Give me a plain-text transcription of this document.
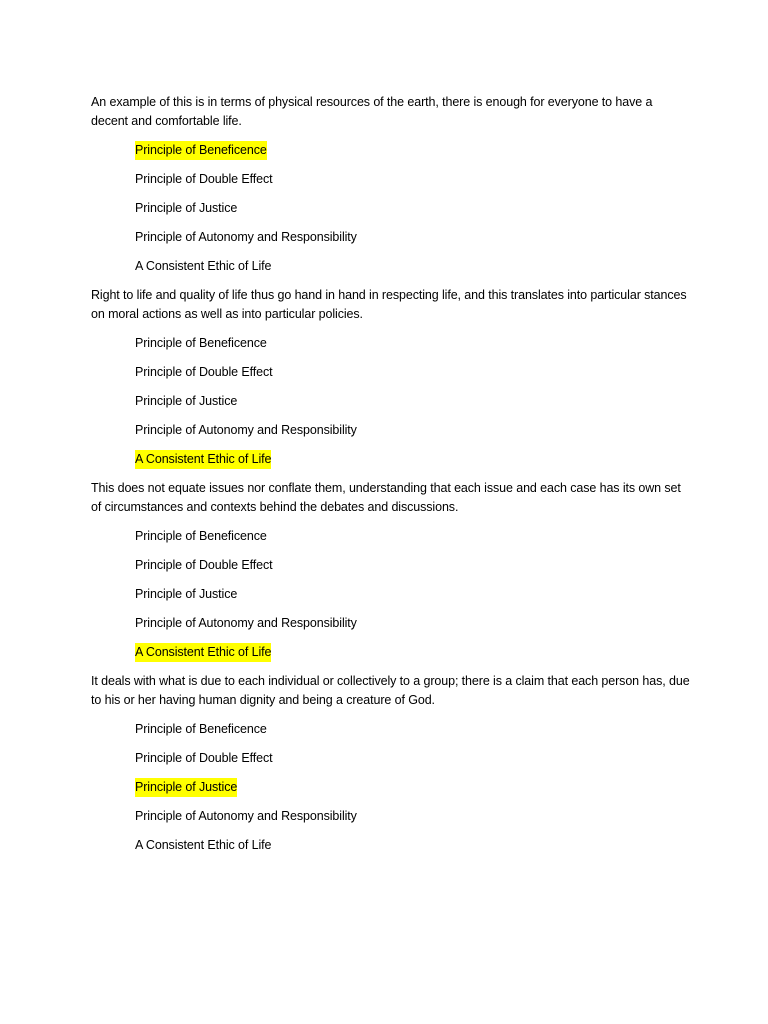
An example of this is in terms of physical resources of the earth, there is enough for everyone to have a decent and comfortable life.

Principle of Beneficence
Principle of Double Effect
Principle of Justice
Principle of Autonomy and Responsibility
A Consistent Ethic of Life

Right to life and quality of life thus go hand in hand in respecting life, and this translates into particular stances on moral actions as well as into particular policies.

Principle of Beneficence
Principle of Double Effect
Principle of Justice
Principle of Autonomy and Responsibility
A Consistent Ethic of Life

This does not equate issues nor conflate them, understanding that each issue and each case has its own set of circumstances and contexts behind the debates and discussions.

Principle of Beneficence
Principle of Double Effect
Principle of Justice
Principle of Autonomy and Responsibility
A Consistent Ethic of Life

It deals with what is due to each individual or collectively to a group; there is a claim that each person has, due to his or her having human dignity and being a creature of God.

Principle of Beneficence
Principle of Double Effect
Principle of Justice
Principle of Autonomy and Responsibility
A Consistent Ethic of Life
